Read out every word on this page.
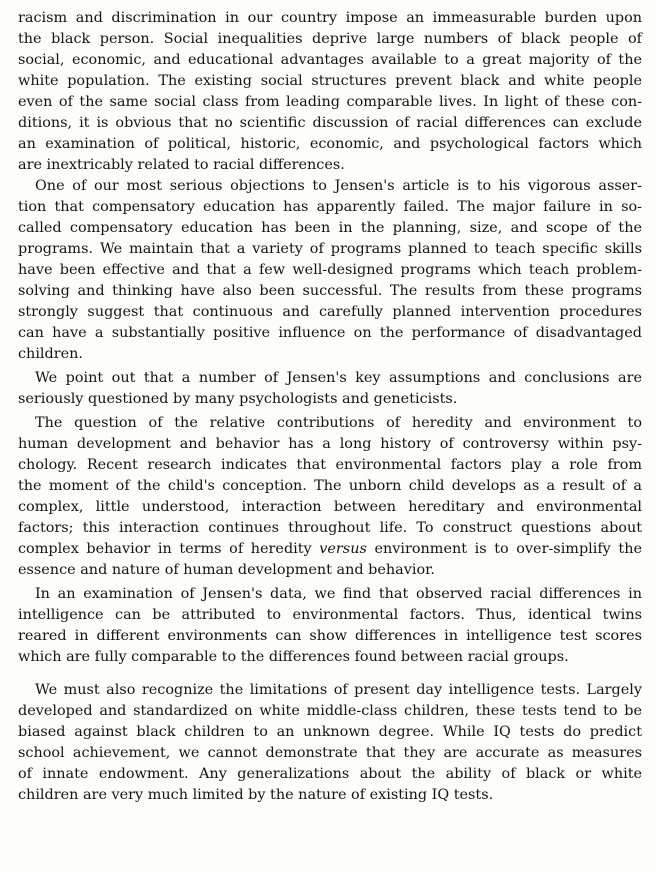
racism and discrimination in our country impose an immeasurable burden upon
the black person. Social inequalities deprive large numbers of black people of
social, economic, and educational advantages available to a great majority of the
white population. The existing social structures prevent black and white people
even of the same social class from leading comparable lives. In light of these con-
ditions, it is obvious that no scientific discussion of racial differences can exclude
an examination of political, historic, economic, and psychological factors which
are inextricably related to racial differences.
One of our most serious objections to Jensen's article is to his vigorous asser-
tion that compensatory education has apparently failed. The major failure in so-
called compensatory education has been in the planning, size, and scope of the
programs. We maintain that a variety of programs planned to teach specific skills
have been effective and that a few well-designed programs which teach problem-
solving and thinking have also been successful. The results from these programs
strongly suggest that continuous and carefully planned intervention procedures
can have a substantially positive influence on the performance of disadvantaged
children.
We point out that a number of Jensen's key assumptions and conclusions are
seriously questioned by many psychologists and geneticists.
The question of the relative contributions of heredity and environment to
human development and behavior has a long history of controversy within psy-
chology. Recent research indicates that environmental factors play a role from
the moment of the child's conception. The unborn child develops as a result of a
complex, little understood, interaction between hereditary and environmental
factors; this interaction continues throughout life. To construct questions about
complex behavior in terms of heredity versus environment is to over-simplify the
essence and nature of human development and behavior.
In an examination of Jensen's data, we find that observed racial differences in
intelligence can be attributed to environmental factors. Thus, identical twins
reared in different environments can show differences in intelligence test scores
which are fully comparable to the differences found between racial groups.
We must also recognize the limitations of present day intelligence tests. Largely
developed and standardized on white middle-class children, these tests tend to be
biased against black children to an unknown degree. While IQ tests do predict
school achievement, we cannot demonstrate that they are accurate as measures
of innate endowment. Any generalizations about the ability of black or white
children are very much limited by the nature of existing IQ tests.
